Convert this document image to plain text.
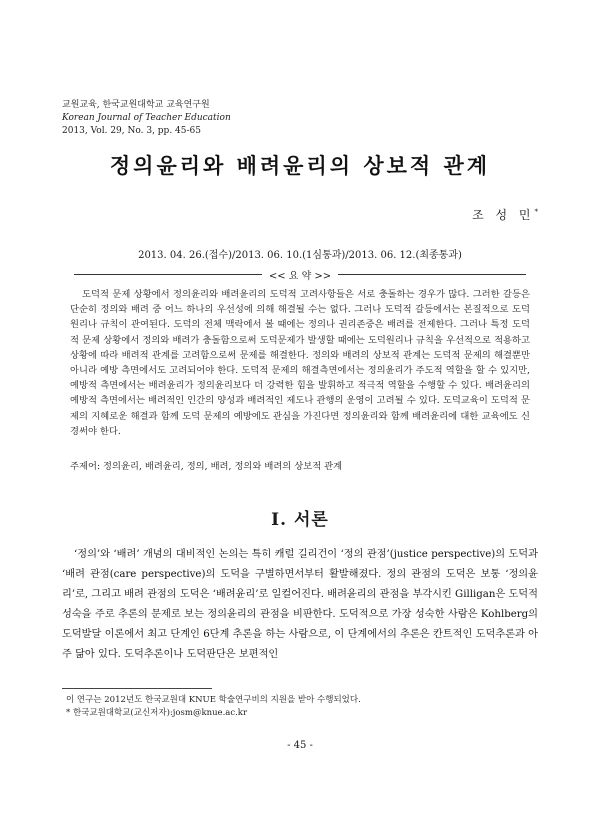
교원교육, 한국교원대학교 교육연구원
Korean Journal of Teacher Education
2013, Vol. 29, No. 3, pp. 45-65
정의윤리와 배려윤리의 상보적 관계
조 성 민*
2013. 04. 26.(접수)/2013. 06. 10.(1심통과)/2013. 06. 12.(최종통과)
<< 요 약 >>

도덕적 문제 상황에서 정의윤리와 배려윤리의 도덕적 고려사항들은 서로 충돌하는 경우가 많다. 그러한 갈등은 단순히 정의와 배려 중 어느 하나의 우선성에 의해 해결될 수는 없다. 그러나 도덕적 갈등에서는 본질적으로 도덕원리나 규칙이 관여된다. 도덕의 전체 맥락에서 볼 때에는 정의나 권리존중은 배려를 전제한다. 그러나 특정 도덕적 문제 상황에서 정의와 배려가 충돌함으로써 도덕문제가 발생할 때에는 도덕원리나 규칙을 우선적으로 적용하고 상황에 따라 배려적 관계를 고려함으로써 문제를 해결한다. 정의와 배려의 상보적 관계는 도덕적 문제의 해결뿐만 아니라 예방 측면에서도 고려되어야 한다. 도덕적 문제의 해결측면에서는 정의윤리가 주도적 역할을 할 수 있지만, 예방적 측면에서는 배려윤리가 정의윤리보다 더 강력한 힘을 발휘하고 적극적 역할을 수행할 수 있다. 배려윤리의 예방적 측면에서는 배려적인 인간의 양성과 배려적인 제도나 관행의 운영이 고려될 수 있다. 도덕교육이 도덕적 문제의 지혜로운 해결과 함께 도덕 문제의 예방에도 관심을 가진다면 정의윤리와 함께 배려윤리에 대한 교육에도 신경써야 한다.

주제어: 정의윤리, 배려윤리, 정의, 배려, 정의와 배려의 상보적 관계
I. 서론

‘정의’와 ‘배려’ 개념의 대비적인 논의는 특히 캐럴 길리건이 ‘정의 관점’(justice perspective)의 도덕과 ‘배려 관점(care perspective)의 도덕을 구별하면서부터 활발해졌다. 정의 관점의 도덕은 보통 ‘정의윤리’로, 그리고 배려 관점의 도덕은 ‘배려윤리’로 일컬어진다. 배려윤리의 관점을 부각시킨 Gilligan은 도덕적 성숙을 주로 추론의 문제로 보는 정의윤리의 관점을 비판한다. 도덕적으로 가장 성숙한 사람은 Kohlberg의 도덕발달 이론에서 최고 단계인 6단계 추론을 하는 사람으로, 이 단계에서의 추론은 칸트적인 도덕추론과 아주 닮아 있다. 도덕추론이나 도덕판단은 보편적인

이 연구는 2012년도 한국교원대 KNUE 학술연구비의 지원을 받아 수행되었다.
* 한국교원대학교(교신저자):josm@knue.ac.kr
- 45 -
